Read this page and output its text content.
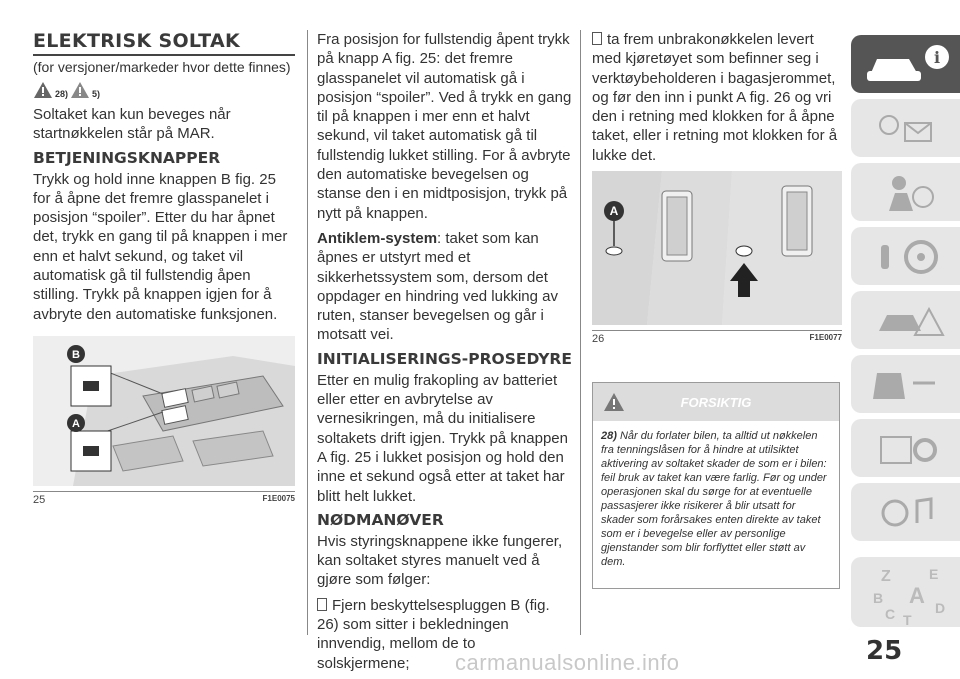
ELEKTRISK SOLTAK

(for versjoner/markeder hvor dette finnes)

28)	5)

Soltaket kan kun beveges når startnøkkelen står på MAR.

BETJENINGSKNAPPER

Trykk og hold inne knappen B fig. 25 for å åpne det fremre glasspanelet i posisjon “spoiler”. Etter du har åpnet det, trykk en gang til på knappen i mer enn et halvt sekund, og taket vil automatisk gå til fullstendig åpen stilling. Trykk på knappen igjen for å avbryte den automatiske funksjonen.

B
A
25	F1E0075

Fra posisjon for fullstendig åpent trykk på knapp A fig. 25: det fremre glasspanelet vil automatisk gå i posisjon “spoiler”. Ved å trykk en gang til på knappen i mer enn et halvt sekund, vil taket automatisk gå til fullstendig lukket stilling. For å avbryte den automatiske bevegelsen og stanse den i en midtposisjon, trykk på nytt på knappen.

Antiklem-system: taket som kan åpnes er utstyrt med et sikkerhetssystem som, dersom det oppdager en hindring ved lukking av ruten, stanser bevegelsen og går i motsatt vei.

INITIALISERINGS-PROSEDYRE

Etter en mulig frakopling av batteriet eller etter en avbrytelse av vernesikringen, må du initialisere soltakets drift igjen. Trykk på knappen A fig. 25 i lukket posisjon og hold den inne et sekund også etter at taket har blitt helt lukket.

NØDMANØVER

Hvis styringsknappene ikke fungerer, kan soltaket styres manuelt ved å gjøre som følger:

Fjern beskyttelsespluggen B (fig. 26) som sitter i bekledningen innvendig, mellom de to solskjermene;

ta frem unbrakonøkkelen levert med kjøretøyet som befinner seg i verktøybeholderen i bagasjerommet, og før den inn i punkt A fig. 26 og vri den i retning med klokken for å åpne taket, eller i retning mot klokken for å lukke det.

A
26	F1E0077
FORSIKTIG
28) Når du forlater bilen, ta alltid ut nøkkelen fra tenningslåsen for å hindre at utilsiktet aktivering av soltaket skader de som er i bilen: feil bruk av taket kan være farlig. Før og under operasjonen skal du sørge for at eventuelle passasjerer ikke risikerer å blir utsatt for skader som forårsakes enten direkte av taket som er i bevegelse eller av personlige gjenstander som blir forflyttet eller støtt av dem.
i
Z	E
B A
C T
D
25
carmanualsonline.info
